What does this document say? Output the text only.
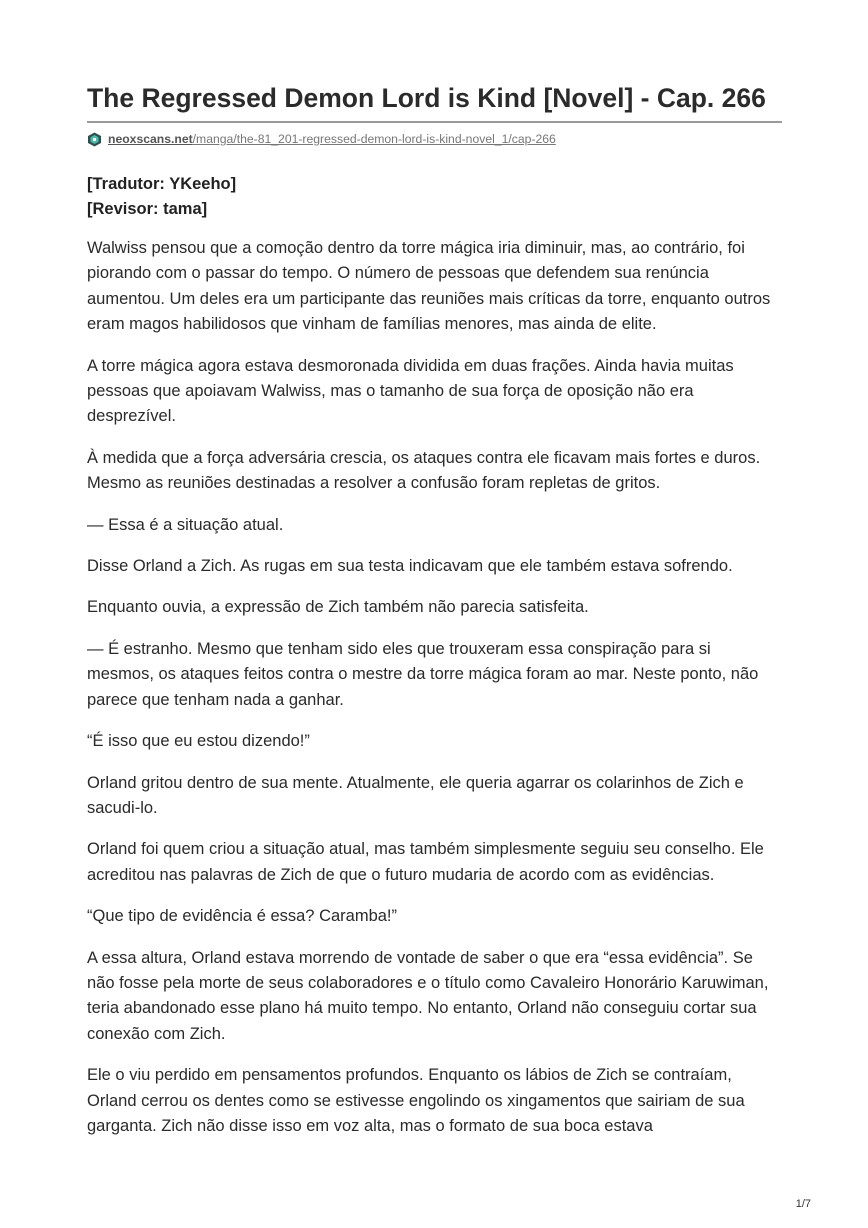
The Regressed Demon Lord is Kind [Novel] - Cap. 266
neoxscans.net /manga/the-81_201-regressed-demon-lord-is-kind-novel_1/cap-266
[Tradutor: YKeeho]
[Revisor: tama]

Walwiss pensou que a comoção dentro da torre mágica iria diminuir, mas, ao contrário, foi piorando com o passar do tempo. O número de pessoas que defendem sua renúncia aumentou. Um deles era um participante das reuniões mais críticas da torre, enquanto outros eram magos habilidosos que vinham de famílias menores, mas ainda de elite.

A torre mágica agora estava desmoronada dividida em duas frações. Ainda havia muitas pessoas que apoiavam Walwiss, mas o tamanho de sua força de oposição não era desprezível.

À medida que a força adversária crescia, os ataques contra ele ficavam mais fortes e duros. Mesmo as reuniões destinadas a resolver a confusão foram repletas de gritos.

— Essa é a situação atual.

Disse Orland a Zich. As rugas em sua testa indicavam que ele também estava sofrendo.

Enquanto ouvia, a expressão de Zich também não parecia satisfeita.

— É estranho. Mesmo que tenham sido eles que trouxeram essa conspiração para si mesmos, os ataques feitos contra o mestre da torre mágica foram ao mar. Neste ponto, não parece que tenham nada a ganhar.

“É isso que eu estou dizendo!”

Orland gritou dentro de sua mente. Atualmente, ele queria agarrar os colarinhos de Zich e sacudi-lo.

Orland foi quem criou a situação atual, mas também simplesmente seguiu seu conselho. Ele acreditou nas palavras de Zich de que o futuro mudaria de acordo com as evidências.

“Que tipo de evidência é essa? Caramba!”

A essa altura, Orland estava morrendo de vontade de saber o que era “essa evidência”. Se não fosse pela morte de seus colaboradores e o título como Cavaleiro Honorário Karuwiman, teria abandonado esse plano há muito tempo. No entanto, Orland não conseguiu cortar sua conexão com Zich.

Ele o viu perdido em pensamentos profundos. Enquanto os lábios de Zich se contraíam, Orland cerrou os dentes como se estivesse engolindo os xingamentos que sairiam de sua garganta. Zich não disse isso em voz alta, mas o formato de sua boca estava

1/7
